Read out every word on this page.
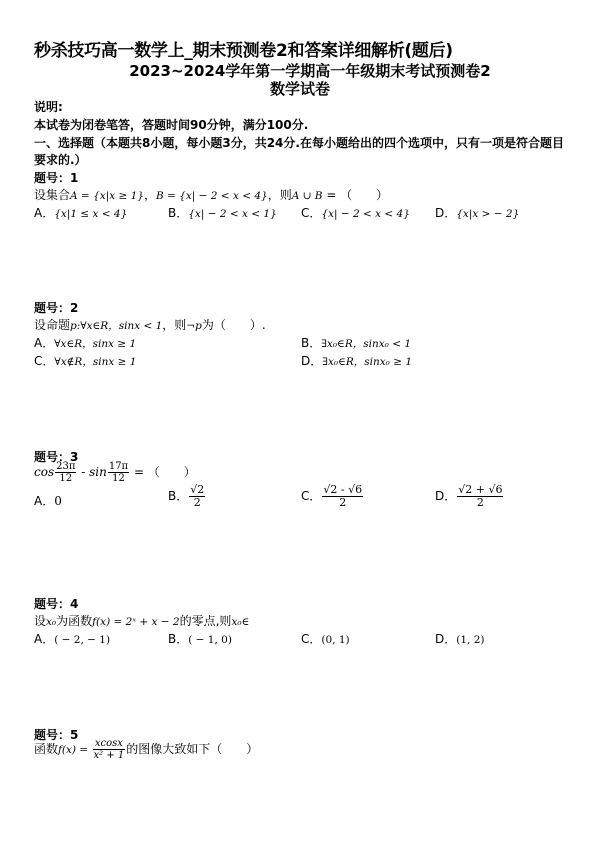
秒杀技巧高一数学上_期末预测卷2和答案详细解析(题后)
2023~2024学年第一学期高一年级期末考试预测卷2
数学试卷
说明:
本试卷为闭卷笔答，答题时间90分钟，满分100分.
一、选择题（本题共8小题，每小题3分，共24分.在每小题给出的四个选项中，只有一项是符合题目
要求的.）
题号：1
设集合A = {x|x ≥ 1}，B = {x| − 2 < x < 4}，则A ∪ B = （　　）
A．{x|1 ≤ x < 4}	B．{x| − 2 < x < 1} C．{x| − 2 < x < 4} D．{x|x > − 2}
题号：2
设命题p:∀x∈R，sinx < 1，则¬p为（　　）.
A．∀x∈R，sinx ≥ 1	B．∃x₀∈R，sinx₀ < 1
C．∀x∉R，sinx ≥ 1	D．∃x₀∈R，sinx₀ ≥ 1
题号：3
$\cos \frac{23\pi}{12}$ - $\sin \frac{17\pi}{12}$ = （　　）
A．0	B． $\frac{√2}{2}$	C． $\frac{√2 - √6}{2}$	D． $\frac{√2 + √6}{2}$
题号：4
设x₀为函数f(x) = 2ˣ + x − 2的零点,则x₀∈
A．( − 2, − 1)	B．( − 1, 0)	C．(0, 1)	D．(1, 2)
题号：5
函数$f(x) = \frac{xcosx}{\text{x² + 1}}$ 的图像大致如下（　　）
